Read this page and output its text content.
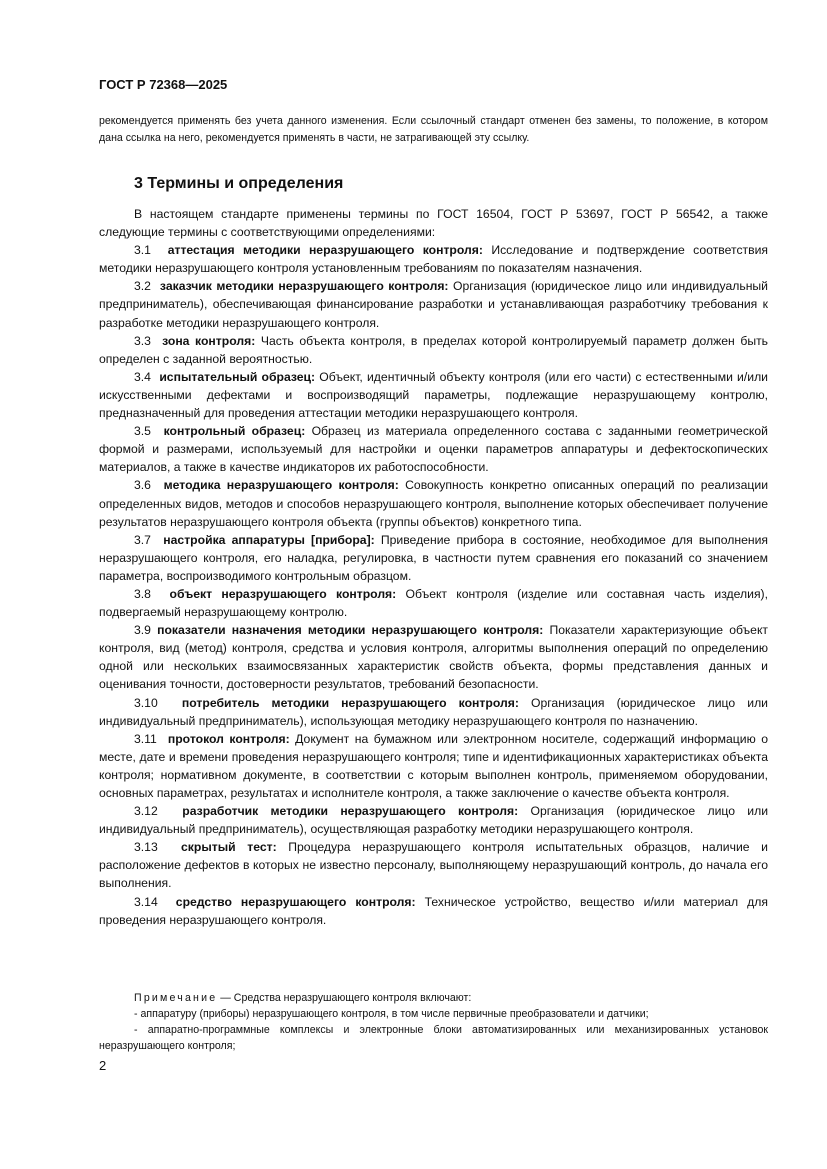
ГОСТ Р 72368—2025
рекомендуется применять без учета данного изменения. Если ссылочный стандарт отменен без замены, то положение, в котором дана ссылка на него, рекомендуется применять в части, не затрагивающей эту ссылку.
3 Термины и определения

В настоящем стандарте применены термины по ГОСТ 16504, ГОСТ Р 53697, ГОСТ Р 56542, а также следующие термины с соответствующими определениями:

3.1 аттестация методики неразрушающего контроля: Исследование и подтверждение соответствия методики неразрушающего контроля установленным требованиям по показателям назначения.

3.2 заказчик методики неразрушающего контроля: Организация (юридическое лицо или индивидуальный предприниматель), обеспечивающая финансирование разработки и устанавливающая разработчику требования к разработке методики неразрушающего контроля.

3.3 зона контроля: Часть объекта контроля, в пределах которой контролируемый параметр должен быть определен с заданной вероятностью.

3.4 испытательный образец: Объект, идентичный объекту контроля (или его части) с естественными и/или искусственными дефектами и воспроизводящий параметры, подлежащие неразрушающему контролю, предназначенный для проведения аттестации методики неразрушающего контроля.

3.5 контрольный образец: Образец из материала определенного состава с заданными геометрической формой и размерами, используемый для настройки и оценки параметров аппаратуры и дефектоскопических материалов, а также в качестве индикаторов их работоспособности.

3.6 методика неразрушающего контроля: Совокупность конкретно описанных операций по реализации определенных видов, методов и способов неразрушающего контроля, выполнение которых обеспечивает получение результатов неразрушающего контроля объекта (группы объектов) конкретного типа.

3.7 настройка аппаратуры [прибора]: Приведение прибора в состояние, необходимое для выполнения неразрушающего контроля, его наладка, регулировка, в частности путем сравнения его показаний со значением параметра, воспроизводимого контрольным образцом.

3.8 объект неразрушающего контроля: Объект контроля (изделие или составная часть изделия), подвергаемый неразрушающему контролю.

3.9 показатели назначения методики неразрушающего контроля: Показатели характеризующие объект контроля, вид (метод) контроля, средства и условия контроля, алгоритмы выполнения операций по определению одной или нескольких взаимосвязанных характеристик свойств объекта, формы представления данных и оценивания точности, достоверности результатов, требований безопасности.

3.10 потребитель методики неразрушающего контроля: Организация (юридическое лицо или индивидуальный предприниматель), использующая методику неразрушающего контроля по назначению.

3.11 протокол контроля: Документ на бумажном или электронном носителе, содержащий информацию о месте, дате и времени проведения неразрушающего контроля; типе и идентификационных характеристиках объекта контроля; нормативном документе, в соответствии с которым выполнен контроль, применяемом оборудовании, основных параметрах, результатах и исполнителе контроля, а также заключение о качестве объекта контроля.

3.12 разработчик методики неразрушающего контроля: Организация (юридическое лицо или индивидуальный предприниматель), осуществляющая разработку методики неразрушающего контроля.

3.13 скрытый тест: Процедура неразрушающего контроля испытательных образцов, наличие и расположение дефектов в которых не известно персоналу, выполняющему неразрушающий контроль, до начала его выполнения.

3.14 средство неразрушающего контроля: Техническое устройство, вещество и/или материал для проведения неразрушающего контроля.

Примечание — Средства неразрушающего контроля включают:

- аппаратуру (приборы) неразрушающего контроля, в том числе первичные преобразователи и датчики;

- аппаратно-программные комплексы и электронные блоки автоматизированных или механизированных установок неразрушающего контроля;

2
